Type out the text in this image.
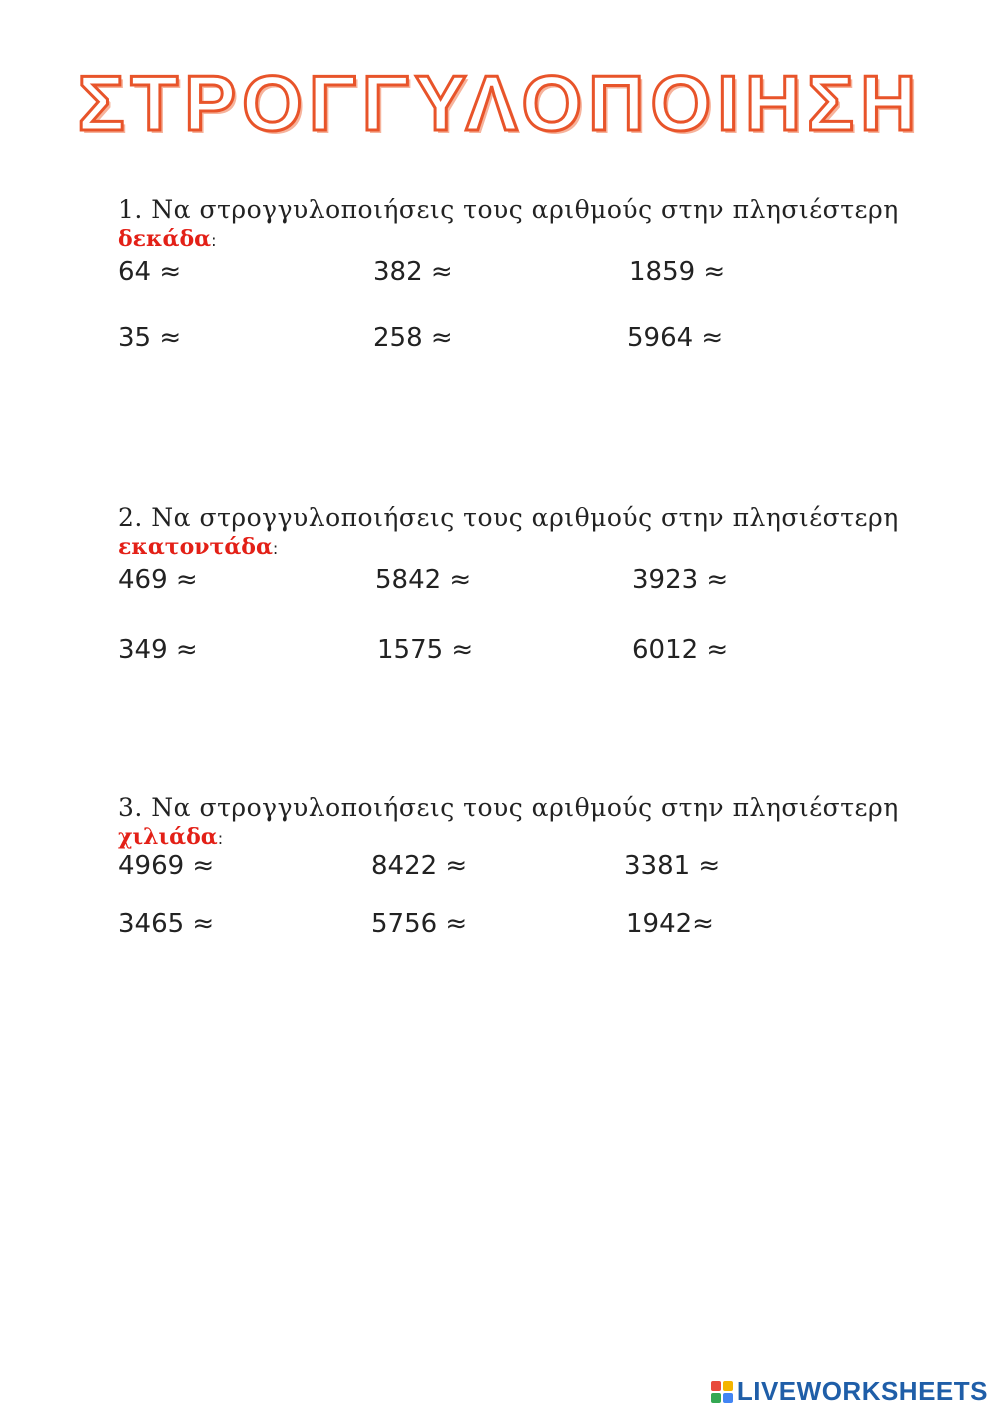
ΣΤΡΟΓΓΥΛΟΠΟΙΗΣΗ
1. Να στρογγυλοποιήσεις τους αριθμούς στην πλησιέστερη
δεκάδα:
64 ≈	382 ≈	1859 ≈
35 ≈	258 ≈	5964 ≈
2. Να στρογγυλοποιήσεις τους αριθμούς στην πλησιέστερη
εκατοντάδα:
469 ≈	5842 ≈	3923 ≈
349 ≈	1575 ≈	6012 ≈
3. Να στρογγυλοποιήσεις τους αριθμούς στην πλησιέστερη
χιλιάδα:
4969 ≈	8422 ≈	3381 ≈
3465 ≈	5756 ≈	1942≈
LIVEWORKSHEETS
